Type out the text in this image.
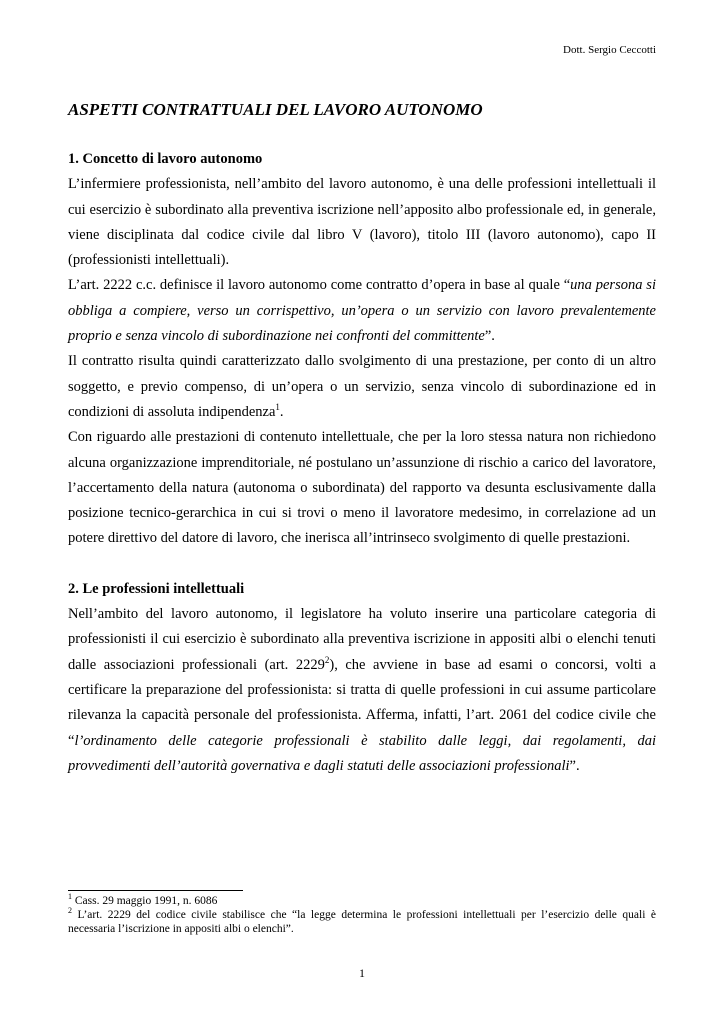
Dott. Sergio Ceccotti
ASPETTI CONTRATTUALI DEL LAVORO AUTONOMO

1. Concetto di lavoro autonomo

L’infermiere professionista, nell’ambito del lavoro autonomo, è una delle professioni intellettuali il cui esercizio è subordinato alla preventiva iscrizione nell’apposito albo professionale ed, in generale, viene disciplinata dal codice civile dal libro V (lavoro), titolo III (lavoro autonomo), capo II (professionisti intellettuali).

L’art. 2222 c.c. definisce il lavoro autonomo come contratto d’opera in base al quale “una persona si obbliga a compiere, verso un corrispettivo, un’opera o un servizio con lavoro prevalentemente proprio e senza vincolo di subordinazione nei confronti del committente”.

Il contratto risulta quindi caratterizzato dallo svolgimento di una prestazione, per conto di un altro soggetto, e previo compenso, di un’opera o un servizio, senza vincolo di subordinazione ed in condizioni di assoluta indipendenza$^1$.

Con riguardo alle prestazioni di contenuto intellettuale, che per la loro stessa natura non richiedono alcuna organizzazione imprenditoriale, né postulano un’assunzione di rischio a carico del lavoratore, l’accertamento della natura (autonoma o subordinata) del rapporto va desunta esclusivamente dalla posizione tecnico-gerarchica in cui si trovi o meno il lavoratore medesimo, in correlazione ad un potere direttivo del datore di lavoro, che inerisca all’intrinseco svolgimento di quelle prestazioni.

2. Le professioni intellettuali

Nell’ambito del lavoro autonomo, il legislatore ha voluto inserire una particolare categoria di professionisti il cui esercizio è subordinato alla preventiva iscrizione in appositi albi o elenchi tenuti dalle associazioni professionali (art. 2229$^2$), che avviene in base ad esami o concorsi, volti a certificare la preparazione del professionista: si tratta di quelle professioni in cui assume particolare rilevanza la capacità personale del professionista. Afferma, infatti, l’art. 2061 del codice civile che “l’ordinamento delle categorie professionali è stabilito dalle leggi, dai regolamenti, dai provvedimenti dell’autorità governativa e dagli statuti delle associazioni professionali”.

$^1$ Cass. 29 maggio 1991, n. 6086

$^2$ L’art. 2229 del codice civile stabilisce che “la legge determina le professioni intellettuali per l’esercizio delle quali è necessaria l’iscrizione in appositi albi o elenchi”.

1
